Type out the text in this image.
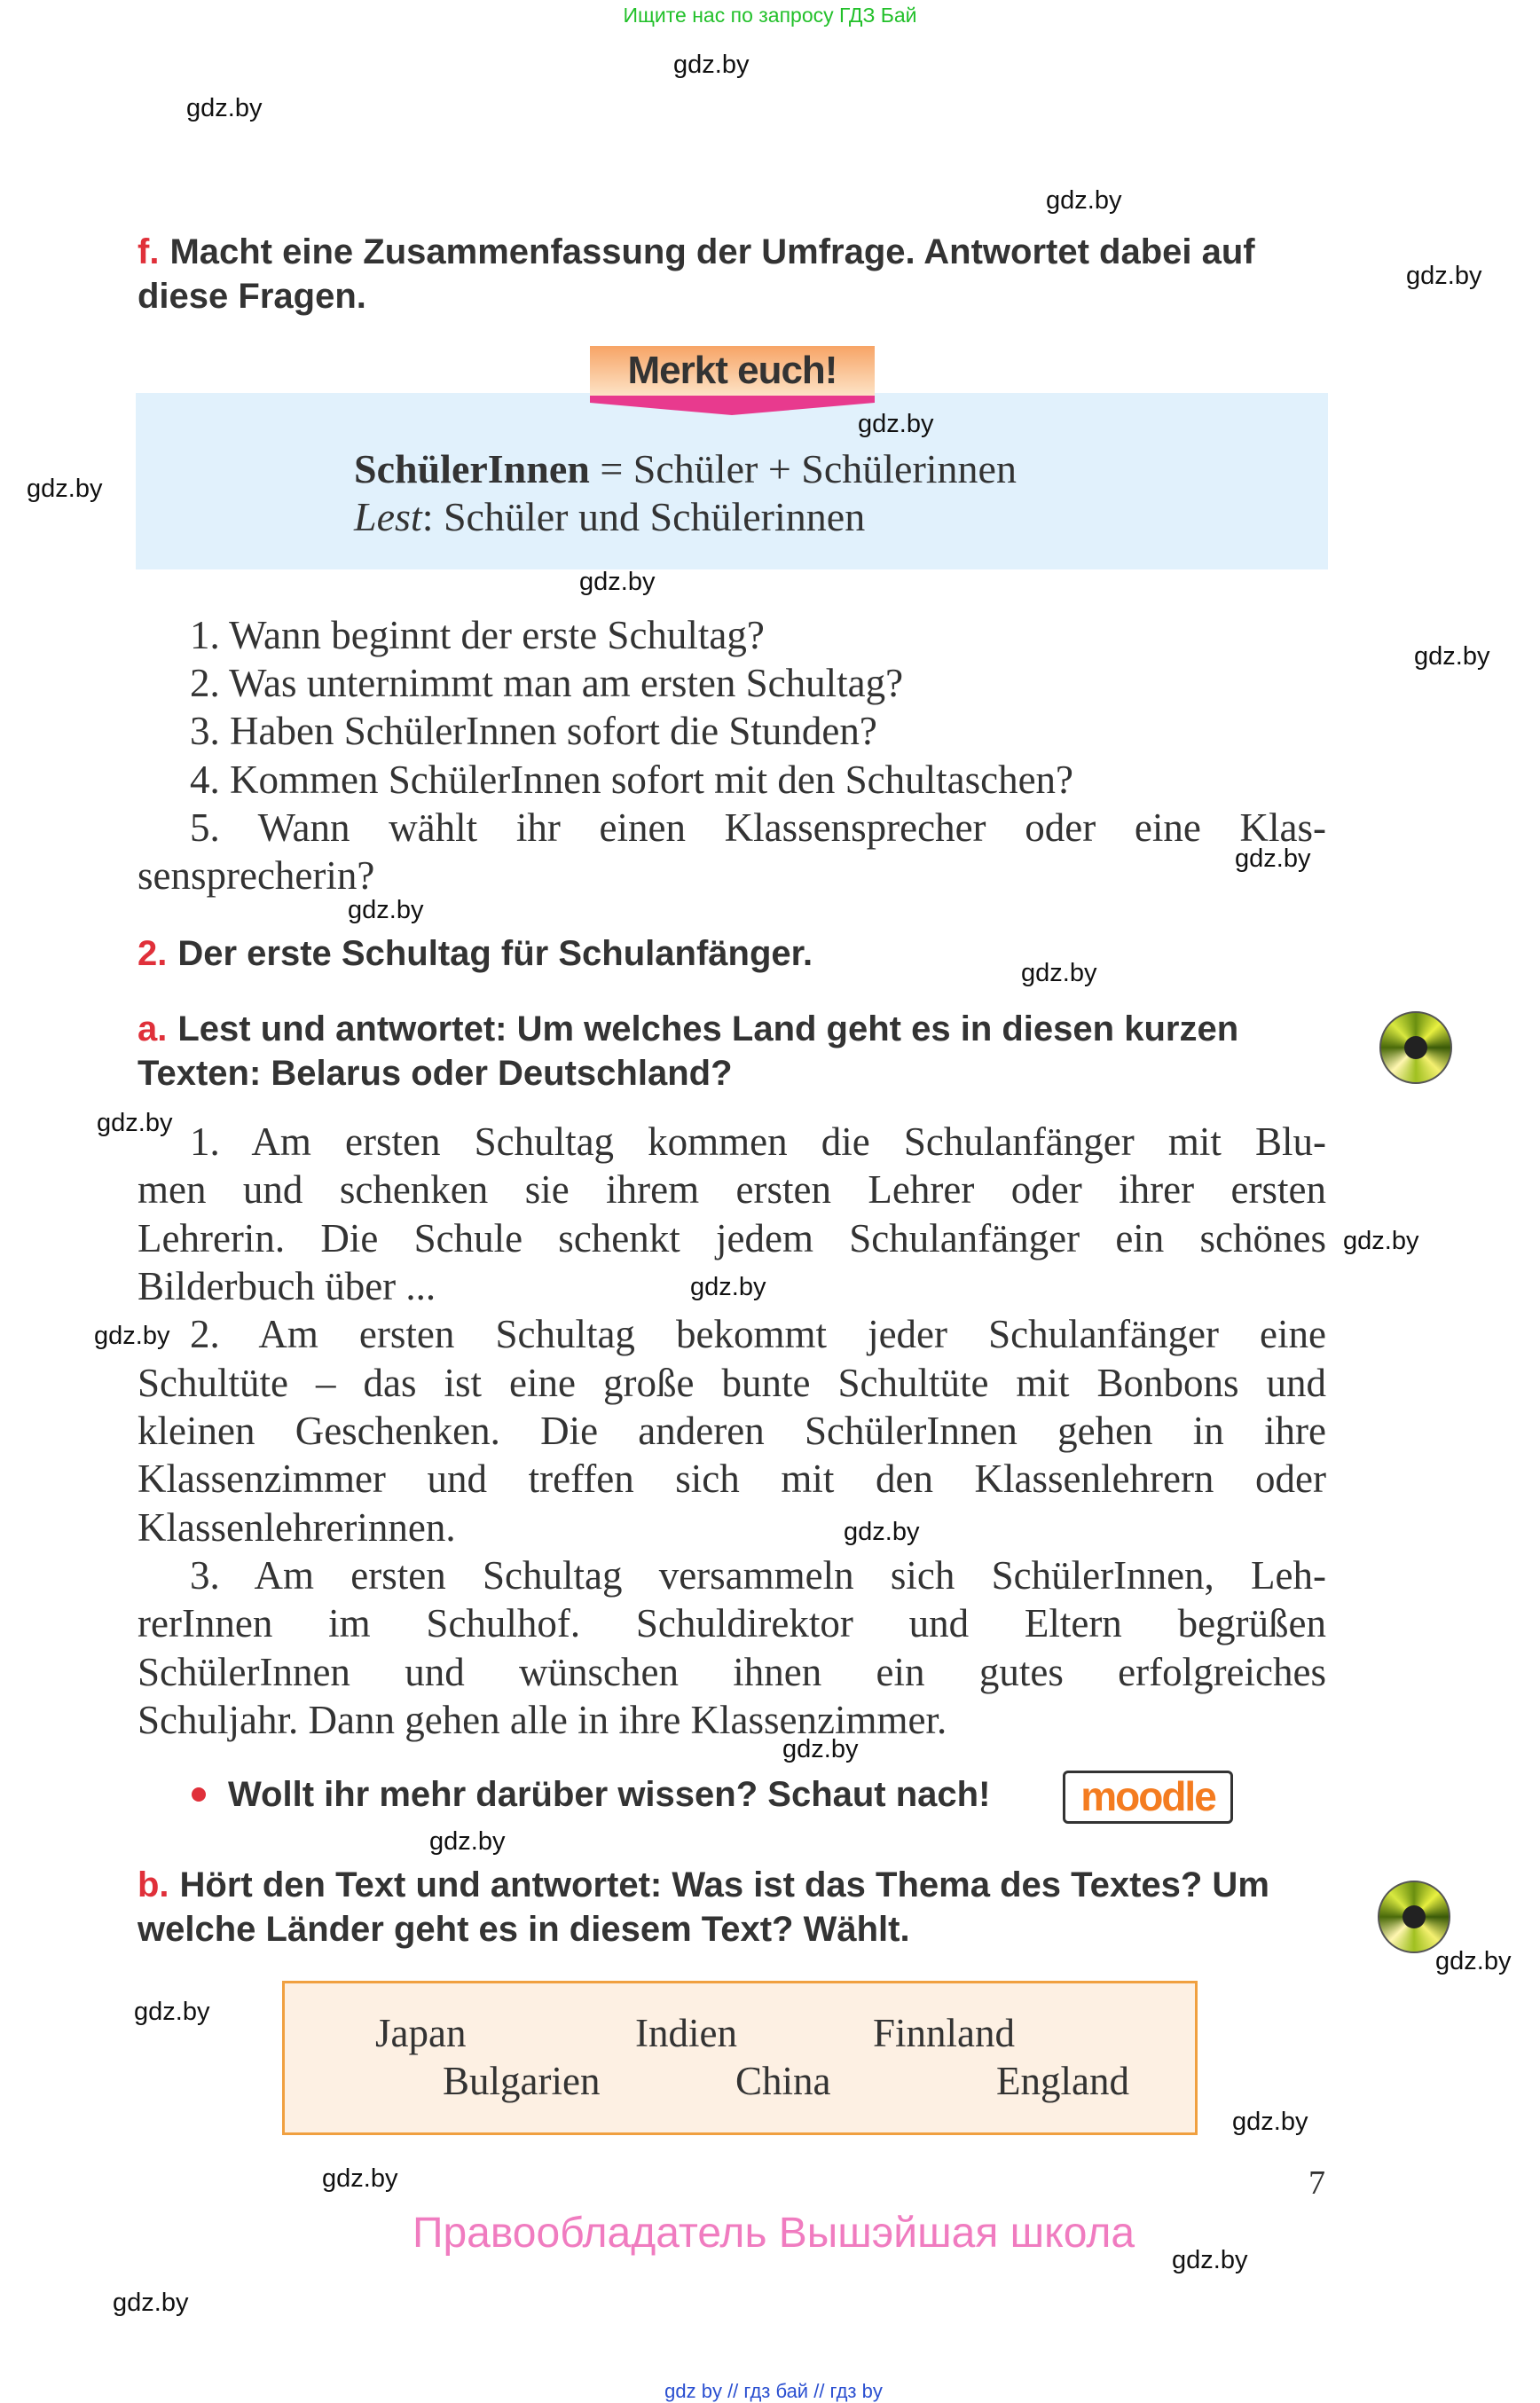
Ищите нас по запросу ГДЗ Бай
gdz.by
gdz.by
gdz.by
gdz.by
gdz.by
gdz.by
gdz.by
gdz.by
gdz.by
gdz.by
gdz.by
gdz.by
gdz.by
gdz.by
gdz.by
gdz.by
gdz.by
gdz.by
gdz.by
gdz.by
gdz.by
gdz.by
gdz.by
gdz.by
f. Macht eine Zusammenfassung der Umfrage. Antwortet dabei auf
diese Fragen.
Merkt euch!
SchülerInnen = Schüler + Schülerinnen
Lest: Schüler und Schülerinnen
1. Wann beginnt der erste Schultag?
2. Was unternimmt man am ersten Schultag?
3. Haben SchülerInnen sofort die Stunden?
4. Kommen SchülerInnen sofort mit den Schultaschen?
5. Wann wählt ihr einen Klassensprecher oder eine Klas-
sensprecherin?
2. Der erste Schultag für Schulanfänger.
a. Lest und antwortet: Um welches Land geht es in diesen kurzen
Texten: Belarus oder Deutschland?
1. Am ersten Schultag kommen die Schulanfänger mit Blu-
men und schenken sie ihrem ersten Lehrer oder ihrer ersten
Lehrerin. Die Schule schenkt jedem Schulanfänger ein schönes
Bilderbuch über ...
2. Am ersten Schultag bekommt jeder Schulanfänger eine
Schultüte – das ist eine große bunte Schultüte mit Bonbons und
kleinen Geschenken. Die anderen SchülerInnen gehen in ihre
Klassenzimmer und treffen sich mit den Klassenlehrern oder
Klassenlehrerinnen.
3. Am ersten Schultag versammeln sich SchülerInnen, Leh-
rerInnen im Schulhof. Schuldirektor und Eltern begrüßen
SchülerInnen und wünschen ihnen ein gutes erfolgreiches
Schuljahr. Dann gehen alle in ihre Klassenzimmer.
Wollt ihr mehr darüber wissen? Schaut nach!	moodle
b. Hört den Text und antwortet: Was ist das Thema des Textes? Um
welche Länder geht es in diesem Text? Wählt.
Japan	Indien	Finnland
Bulgarien	China	England
7
Правообладатель Вышэйшая школа
gdz by // гдз бай // гдз by
